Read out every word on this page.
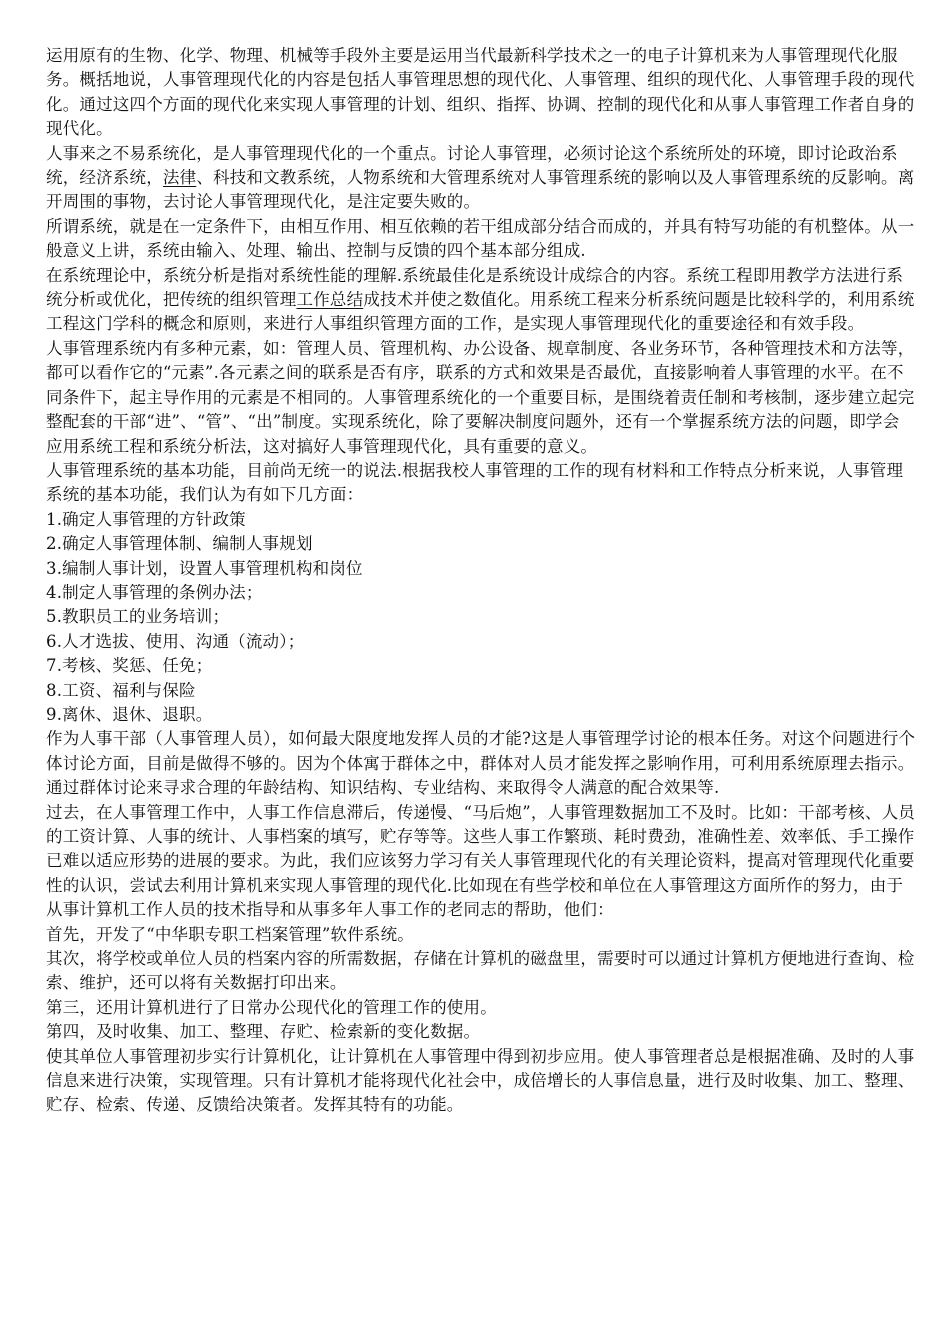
运用原有的生物、化学、物理、机械等手段外主要是运用当代最新科学技术之一的电子计算机来为人事管理现代化服务。概括地说，人事管理现代化的内容是包括人事管理思想的现代化、人事管理、组织的现代化、人事管理手段的现代化。通过这四个方面的现代化来实现人事管理的计划、组织、指挥、协调、控制的现代化和从事人事管理工作者自身的现代化。

人事来之不易系统化，是人事管理现代化的一个重点。讨论人事管理，必须讨论这个系统所处的环境，即讨论政治系统，经济系统，法律、科技和文教系统，人物系统和大管理系统对人事管理系统的影响以及人事管理系统的反影响。离开周围的事物，去讨论人事管理现代化，是注定要失败的。

所谓系统，就是在一定条件下，由相互作用、相互依赖的若干组成部分结合而成的，并具有特写功能的有机整体。从一般意义上讲，系统由输入、处理、输出、控制与反馈的四个基本部分组成.

在系统理论中，系统分析是指对系统性能的理解.系统最佳化是系统设计成综合的内容。系统工程即用教学方法进行系统分析或优化，把传统的组织管理工作总结成技术并使之数值化。用系统工程来分析系统问题是比较科学的，利用系统工程这门学科的概念和原则，来进行人事组织管理方面的工作，是实现人事管理现代化的重要途径和有效手段。

人事管理系统内有多种元素，如：管理人员、管理机构、办公设备、规章制度、各业务环节，各种管理技术和方法等，都可以看作它的“元素”.各元素之间的联系是否有序，联系的方式和效果是否最优，直接影响着人事管理的水平。在不同条件下，起主导作用的元素是不相同的。人事管理系统化的一个重要目标，是围绕着责任制和考核制，逐步建立起完整配套的干部“进”、“管”、“出”制度。实现系统化，除了要解决制度问题外，还有一个掌握系统方法的问题，即学会应用系统工程和系统分析法，这对搞好人事管理现代化，具有重要的意义。

人事管理系统的基本功能，目前尚无统一的说法.根据我校人事管理的工作的现有材料和工作特点分析来说，人事管理系统的基本功能，我们认为有如下几方面：

1.确定人事管理的方针政策

2.确定人事管理体制、编制人事规划

3.编制人事计划，设置人事管理机构和岗位

4.制定人事管理的条例办法；

5.教职员工的业务培训；

6.人才选拔、使用、沟通（流动）；

7.考核、奖惩、任免；

8.工资、福利与保险

9.离休、退休、退职。

作为人事干部（人事管理人员），如何最大限度地发挥人员的才能?这是人事管理学讨论的根本任务。对这个问题进行个体讨论方面，目前是做得不够的。因为个体寓于群体之中，群体对人员才能发挥之影响作用，可利用系统原理去指示。通过群体讨论来寻求合理的年龄结构、知识结构、专业结构、来取得令人满意的配合效果等.

过去，在人事管理工作中，人事工作信息滞后，传递慢、“马后炮”，人事管理数据加工不及时。比如：干部考核、人员的工资计算、人事的统计、人事档案的填写，贮存等等。这些人事工作繁琐、耗时费劲，准确性差、效率低、手工操作已难以适应形势的进展的要求。为此，我们应该努力学习有关人事管理现代化的有关理论资料，提高对管理现代化重要性的认识，尝试去利用计算机来实现人事管理的现代化.比如现在有些学校和单位在人事管理这方面所作的努力，由于从事计算机工作人员的技术指导和从事多年人事工作的老同志的帮助，他们：

首先，开发了“中华职专职工档案管理”软件系统。

其次，将学校或单位人员的档案内容的所需数据，存储在计算机的磁盘里，需要时可以通过计算机方便地进行查询、检索、维护，还可以将有关数据打印出来。

第三，还用计算机进行了日常办公现代化的管理工作的使用。

第四，及时收集、加工、整理、存贮、检索新的变化数据。

使其单位人事管理初步实行计算机化，让计算机在人事管理中得到初步应用。使人事管理者总是根据准确、及时的人事信息来进行决策，实现管理。只有计算机才能将现代化社会中，成倍增长的人事信息量，进行及时收集、加工、整理、贮存、检索、传递、反馈给决策者。发挥其特有的功能。
